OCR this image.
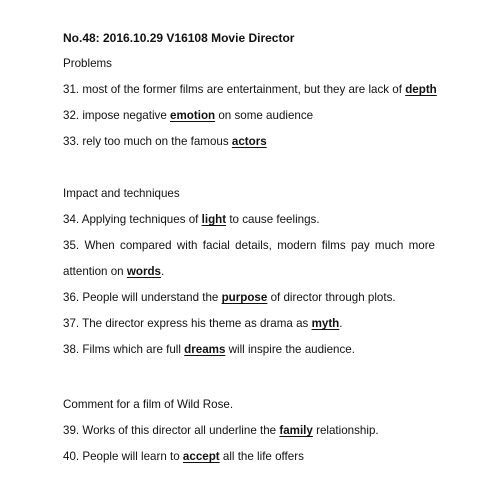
No.48: 2016.10.29 V16108 Movie Director
Problems
31. most of the former films are entertainment, but they are lack of depth
32. impose negative emotion on some audience
33. rely too much on the famous actors
Impact and techniques
34. Applying techniques of light to cause feelings.
35. When compared with facial details, modern films pay much more
attention on words.
36. People will understand the purpose of director through plots.
37. The director express his theme as drama as myth.
38. Films which are full dreams will inspire the audience.
Comment for a film of Wild Rose.
39. Works of this director all underline the family relationship.
40. People will learn to accept all the life offers
